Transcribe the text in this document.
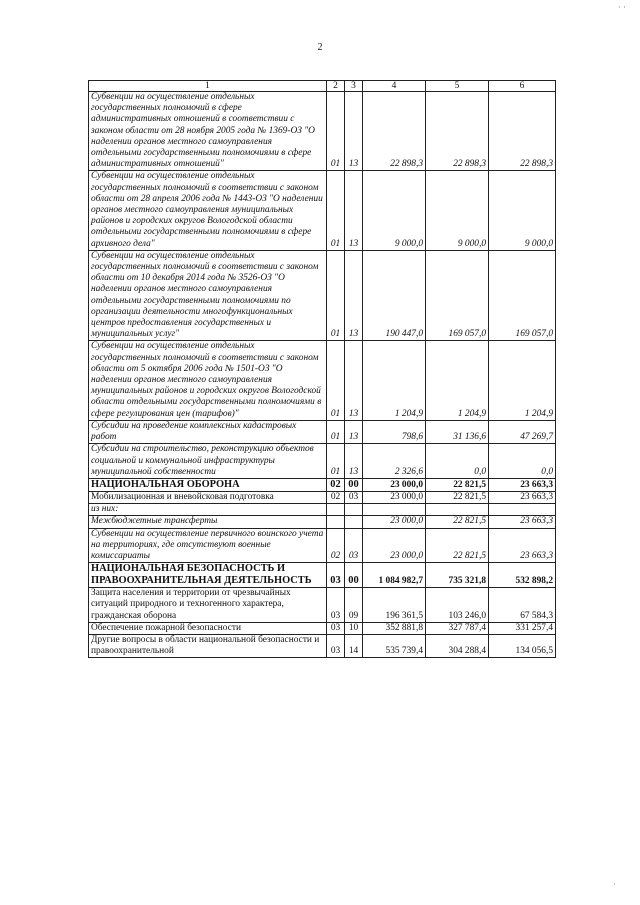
· ·
2
1	2	3	4	5	6
Субвенции на осуществление отдельных государственных полномочий в сфере административных отношений в соответствии с законом области от 28 ноября 2005 года № 1369-ОЗ "О наделении органов местного самоуправления отдельными государственными полномочиями в сфере административных отношений"	01	13	22 898,3	22 898,3	22 898,3
Субвенции на осуществление отдельных государственных полномочий в соответствии с законом области от 28 апреля 2006 года № 1443-ОЗ "О наделении органов местного самоуправления муниципальных районов и городских округов Вологодской области отдельными государственными полномочиями в сфере архивного дела"	01	13	9 000,0	9 000,0	9 000,0
Субвенции на осуществление отдельных государственных полномочий в соответствии с законом области от 10 декабря 2014 года № 3526-ОЗ "О наделении органов местного самоуправления отдельными государственными полномочиями по организации деятельности многофункциональных центров предоставления государственных и муниципальных услуг"	01	13	190 447,0	169 057,0	169 057,0
Субвенции на осуществление отдельных государственных полномочий в соответствии с законом области от 5 октября 2006 года № 1501-ОЗ "О наделении органов местного самоуправления муниципальных районов и городских округов Вологодской области отдельными государственными полномочиями в сфере регулирования цен (тарифов)"	01	13	1 204,9	1 204,9	1 204,9
Субсидии на проведение комплексных кадастровых работ	01	13	798,6	31 136,6	47 269,7
Субсидии на строительство, реконструкцию объектов социальной и коммунальной инфраструктуры муниципальной собственности	01	13	2 326,6	0,0	0,0
НАЦИОНАЛЬНАЯ ОБОРОНА	02	00	23 000,0	22 821,5	23 663,3
Мобилизационная и вневойсковая подготовка	02	03	23 000,0	22 821,5	23 663,3
из них:					
Межбюджетные трансферты			23 000,0	22 821,5	23 663,3
Субвенции на осуществление первичного воинского учета на территориях, где отсутствуют военные комиссариаты	02	03	23 000,0	22 821,5	23 663,3
НАЦИОНАЛЬНАЯ БЕЗОПАСНОСТЬ И ПРАВООХРАНИТЕЛЬНАЯ ДЕЯТЕЛЬНОСТЬ	03	00	1 084 982,7	735 321,8	532 898,2
Защита населения и территории от чрезвычайных ситуаций природного и техногенного характера, гражданская оборона	03	09	196 361,5	103 246,0	67 584,3
Обеспечение пожарной безопасности	03	10	352 881,8	327 787,4	331 257,4
Другие вопросы в области национальной безопасности и правоохранительной	03	14	535 739,4	304 288,4	134 056,5
·
